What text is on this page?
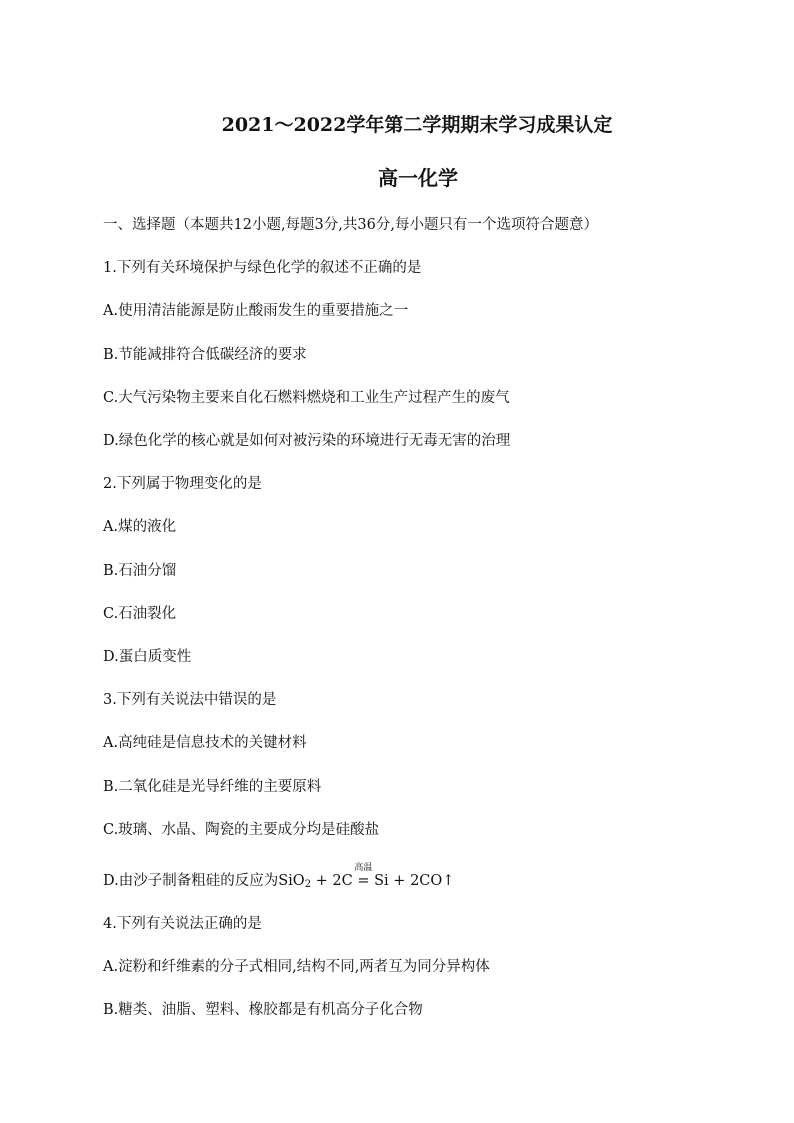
2021～2022学年第二学期期末学习成果认定

高一化学

一、选择题（本题共12小题,每题3分,共36分,每小题只有一个选项符合题意）

1.下列有关环境保护与绿色化学的叙述不正确的是

A.使用清洁能源是防止酸雨发生的重要措施之一

B.节能减排符合低碳经济的要求

C.大气污染物主要来自化石燃料燃烧和工业生产过程产生的废气

D.绿色化学的核心就是如何对被污染的环境进行无毒无害的治理

2.下列属于物理变化的是

A.煤的液化

B.石油分馏

C.石油裂化

D.蛋白质变性

3.下列有关说法中错误的是

A.高纯硅是信息技术的关键材料

B.二氧化硅是光导纤维的主要原料

C.玻璃、水晶、陶瓷的主要成分均是硅酸盐

D.由沙子制备粗硅的反应为SiO$_2$ + 2C
高温
= Si + 2CO↑

4.下列有关说法正确的是

A.淀粉和纤维素的分子式相同,结构不同,两者互为同分异构体

B.糖类、油脂、塑料、橡胶都是有机高分子化合物
